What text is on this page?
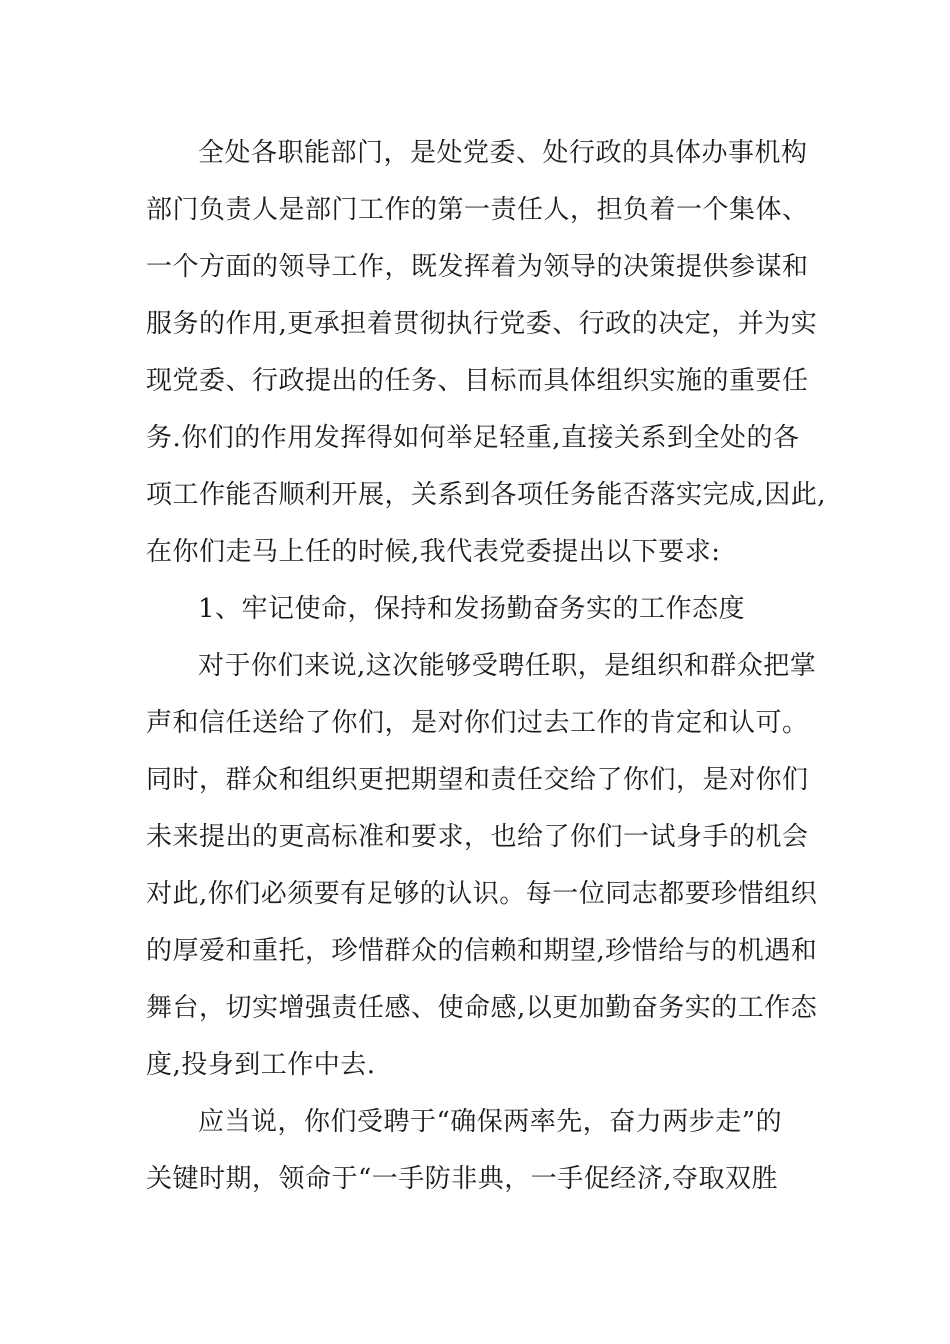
全处各职能部门，是处党委、处行政的具体办事机构
部门负责人是部门工作的第一责任人，担负着一个集体、
一个方面的领导工作，既发挥着为领导的决策提供参谋和
服务的作用,更承担着贯彻执行党委、行政的决定，并为实
现党委、行政提出的任务、目标而具体组织实施的重要任
务.你们的作用发挥得如何举足轻重,直接关系到全处的各
项工作能否顺利开展，关系到各项任务能否落实完成,因此,
在你们走马上任的时候,我代表党委提出以下要求:
1、牢记使命，保持和发扬勤奋务实的工作态度
对于你们来说,这次能够受聘任职，是组织和群众把掌
声和信任送给了你们，是对你们过去工作的肯定和认可。
同时，群众和组织更把期望和责任交给了你们，是对你们
未来提出的更高标准和要求，也给了你们一试身手的机会
对此,你们必须要有足够的认识。每一位同志都要珍惜组织
的厚爱和重托，珍惜群众的信赖和期望,珍惜给与的机遇和
舞台，切实增强责任感、使命感,以更加勤奋务实的工作态
度,投身到工作中去.
应当说，你们受聘于“确保两率先，奋力两步走”的
关键时期，领命于“一手防非典，一手促经济,夺取双胜
